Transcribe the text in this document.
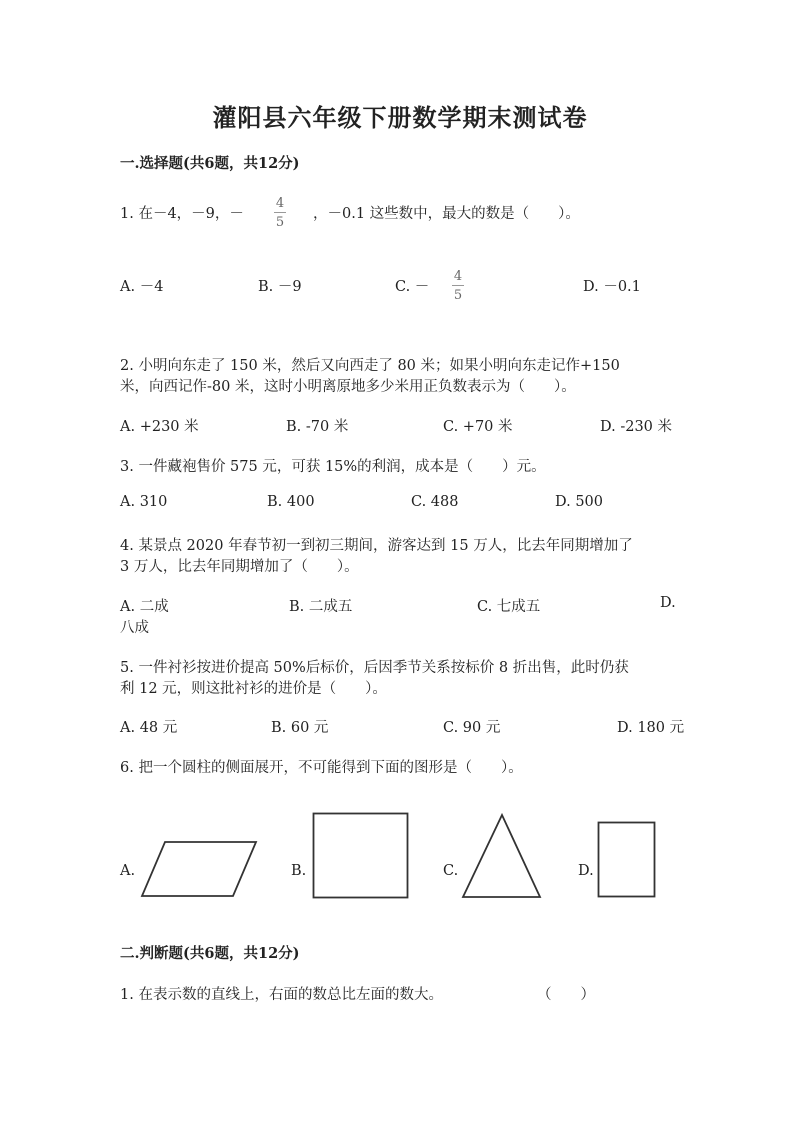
灌阳县六年级下册数学期末测试卷
一.选择题(共6题，共12分)
1. 在－4，－9，－
4
5
，－0.1 这些数中，最大的数是（　　）。
A. －4	B. －9	C. －
4
5
D. －0.1
2. 小明向东走了 150 米，然后又向西走了 80 米；如果小明向东走记作+150
米，向西记作-80 米，这时小明离原地多少米用正负数表示为（　　）。
A. +230 米	B. -70 米	C. +70 米	D. -230 米
3. 一件藏袍售价 575 元，可获 15%的利润，成本是（　　）元。
A. 310	B. 400	C. 488	D. 500
4. 某景点 2020 年春节初一到初三期间，游客达到 15 万人，比去年同期增加了
3 万人，比去年同期增加了（　　）。
A. 二成	B. 二成五	C. 七成五	D.
八成
5. 一件衬衫按进价提高 50%后标价，后因季节关系按标价 8 折出售，此时仍获
利 12 元，则这批衬衫的进价是（　　）。
A. 48 元	B. 60 元	C. 90 元	D. 180 元
6. 把一个圆柱的侧面展开，不可能得到下面的图形是（　　）。
A.	B.	C.	D.
二.判断题(共6题，共12分)
1. 在表示数的直线上，右面的数总比左面的数大。	（　　）
